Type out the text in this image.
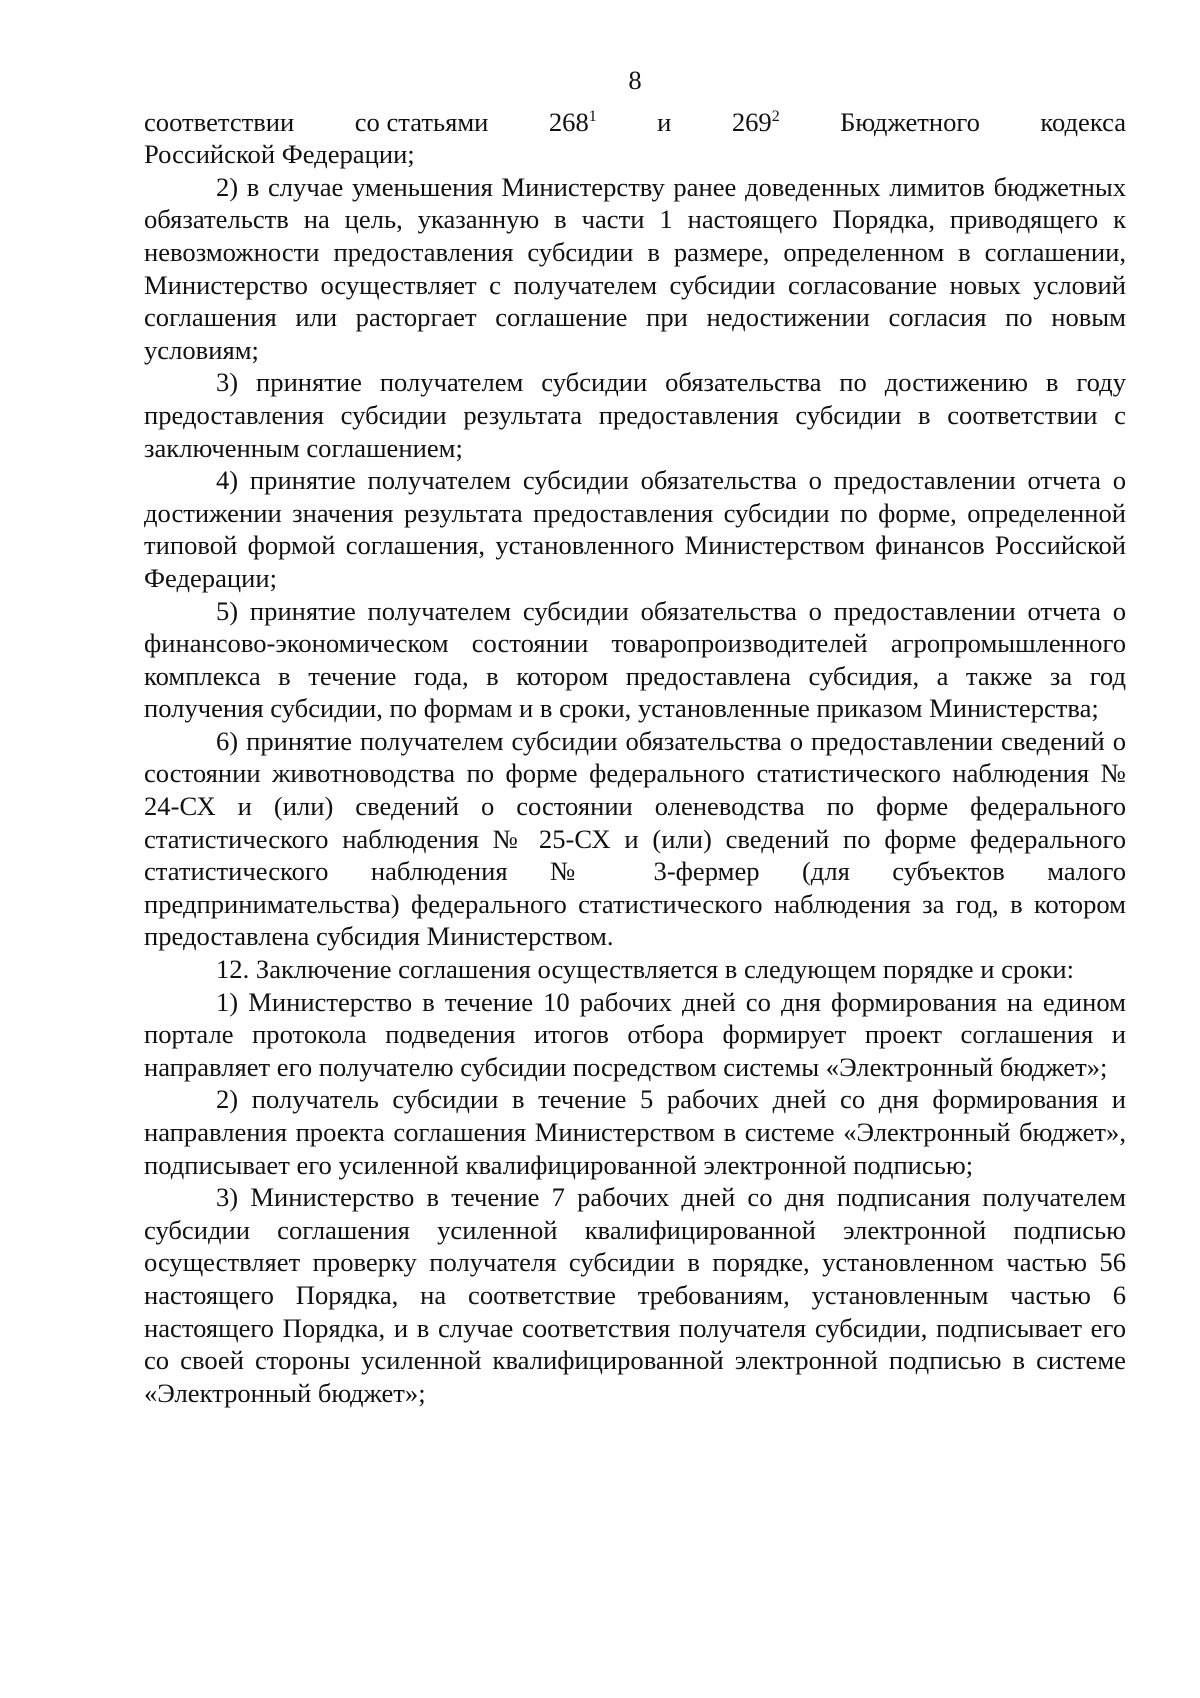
8

соответствии со статьями $268^1$ и $269^2$ Бюджетного кодекса

Российской Федерации;

2) в случае уменьшения Министерству ранее доведенных лимитов бюджетных обязательств на цель, указанную в части 1 настоящего Порядка, приводящего к невозможности предоставления субсидии в размере, определенном в соглашении, Министерство осуществляет с получателем субсидии согласование новых условий соглашения или расторгает соглашение при недостижении согласия по новым условиям;

3) принятие получателем субсидии обязательства по достижению в году предоставления субсидии результата предоставления субсидии в соответствии с заключенным соглашением;

4) принятие получателем субсидии обязательства о предоставлении отчета о достижении значения результата предоставления субсидии по форме, определенной типовой формой соглашения, установленного Министерством финансов Российской Федерации;

5) принятие получателем субсидии обязательства о предоставлении отчета о финансово-экономическом состоянии товаропроизводителей агропромышленного комплекса в течение года, в котором предоставлена субсидия, а также за год получения субсидии, по формам и в сроки, установленные приказом Министерства;

6) принятие получателем субсидии обязательства о предоставлении сведений о состоянии животноводства по форме федерального статистического наблюдения № 24-СХ и (или) сведений о состоянии оленеводства по форме федерального статистического наблюдения № 25-СХ и (или) сведений по форме федерального статистического наблюдения № 3-фермер (для субъектов малого предпринимательства) федерального статистического наблюдения за год, в котором предоставлена субсидия Министерством.

12. Заключение соглашения осуществляется в следующем порядке и сроки:

1) Министерство в течение 10 рабочих дней со дня формирования на едином портале протокола подведения итогов отбора формирует проект соглашения и направляет его получателю субсидии посредством системы «Электронный бюджет»;

2) получатель субсидии в течение 5 рабочих дней со дня формирования и направления проекта соглашения Министерством в системе «Электронный бюджет», подписывает его усиленной квалифицированной электронной подписью;

3) Министерство в течение 7 рабочих дней со дня подписания получателем субсидии соглашения усиленной квалифицированной электронной подписью осуществляет проверку получателя субсидии в порядке, установленном частью 56 настоящего Порядка, на соответствие требованиям, установленным частью 6 настоящего Порядка, и в случае соответствия получателя субсидии, подписывает его со своей стороны усиленной квалифицированной электронной подписью в системе «Электронный бюджет»;
